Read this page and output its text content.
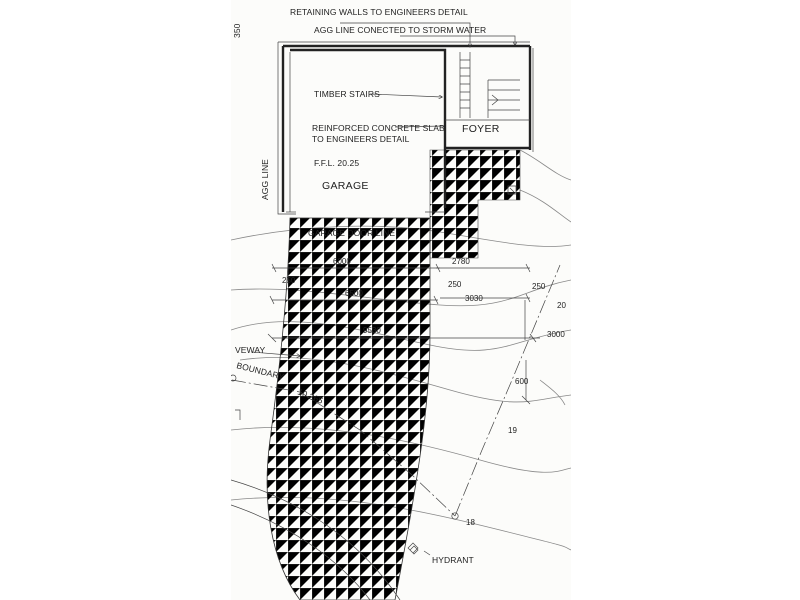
RETAINING WALLS TO ENGINEERS DETAIL
AGG LINE CONECTED TO STORM WATER
TIMBER STAIRS
REINFORCED CONCRETE SLAB
TO ENGINEERS DETAIL
F.F.L. 20.25
GARAGE
FOYER
AGG LINE
GARAGE DOOR LINE
VEWAY
BOUNDARY
10.265
HYDRANT
350
6000	2780
250	250	250
6500
3030
9530	3000
600
20
19
18
